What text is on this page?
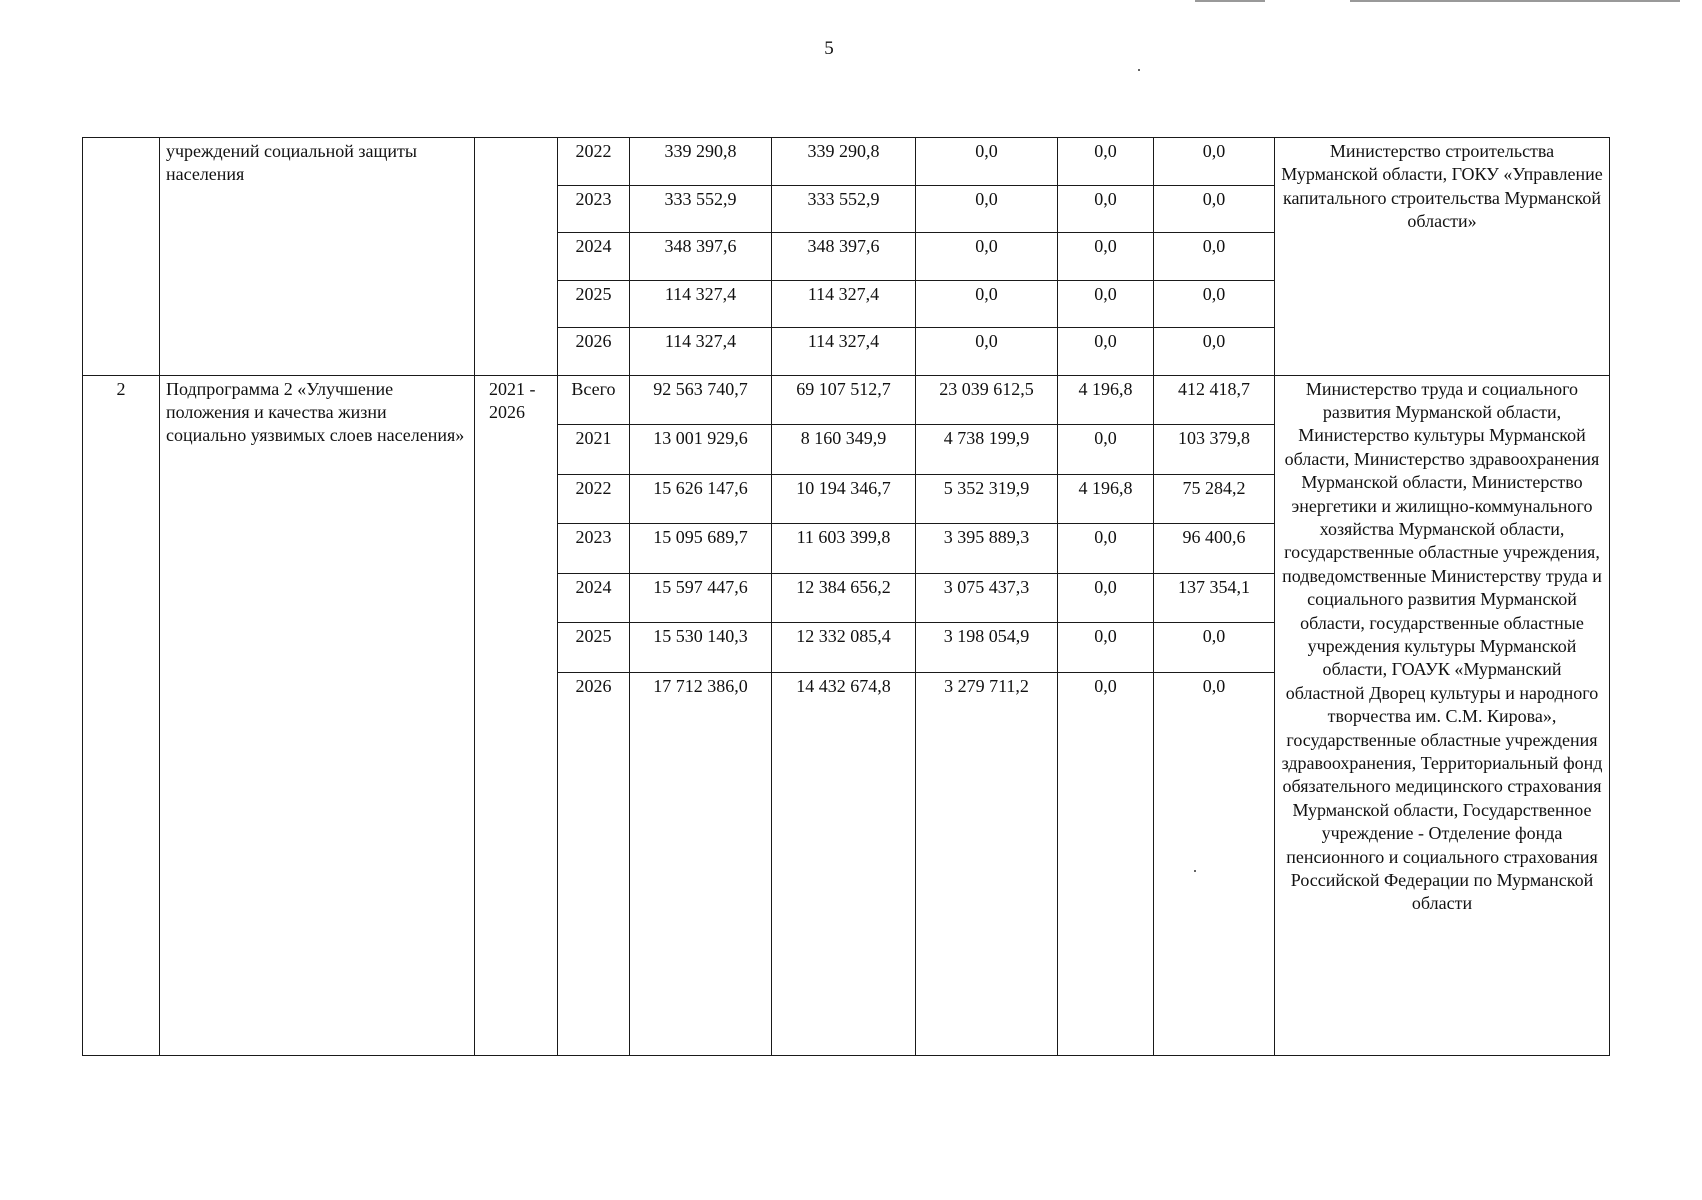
5
	учреждений социальной защиты населения		2022	339 290,8	339 290,8	0,0	0,0	0,0	Министерство строительства Мурманской области, ГОКУ «Управление капитального строительства Мурманской области»
			2023	333 552,9	333 552,9	0,0	0,0	0,0	
			2024	348 397,6	348 397,6	0,0	0,0	0,0	
			2025	114 327,4	114 327,4	0,0	0,0	0,0	
			2026	114 327,4	114 327,4	0,0	0,0	0,0	
2	Подпрограмма 2 «Улучшение положения и качества жизни социально уязвимых слоев населения»	2021 - 2026	Всего	92 563 740,7	69 107 512,7	23 039 612,5	4 196,8	412 418,7	Министерство труда и социального развития Мурманской области, Министерство культуры Мурманской области, Министерство здравоохранения Мурманской области, Министерство энергетики и жилищно-коммунального хозяйства Мурманской области, государственные областные учреждения, подведомственные Министерству труда и социального развития Мурманской области, государственные областные учреждения культуры Мурманской области, ГОАУК «Мурманский областной Дворец культуры и народного творчества им. С.М. Кирова», государственные областные учреждения здравоохранения, Территориальный фонд обязательного медицинского страхования Мурманской области, Государственное учреждение - Отделение фонда пенсионного и социального страхования Российской Федерации по Мурманской области
			2021	13 001 929,6	8 160 349,9	4 738 199,9	0,0	103 379,8	
			2022	15 626 147,6	10 194 346,7	5 352 319,9	4 196,8	75 284,2	
			2023	15 095 689,7	11 603 399,8	3 395 889,3	0,0	96 400,6	
			2024	15 597 447,6	12 384 656,2	3 075 437,3	0,0	137 354,1	
			2025	15 530 140,3	12 332 085,4	3 198 054,9	0,0	0,0	
			2026	17 712 386,0	14 432 674,8	3 279 711,2	0,0	0,0	
